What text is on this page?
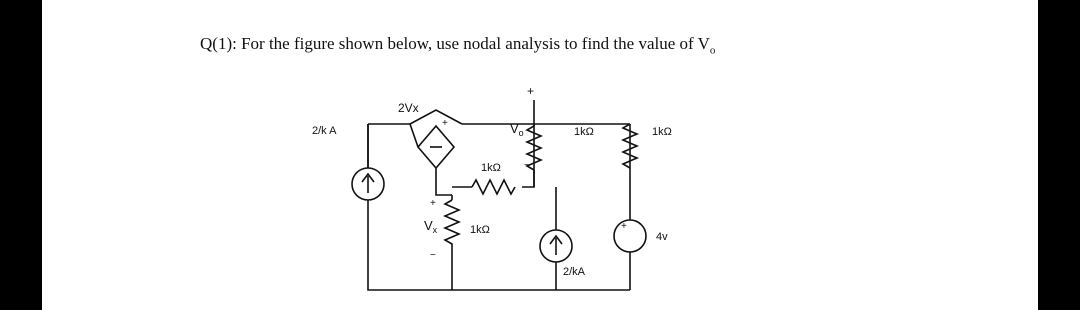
Q(1): For the figure shown below, use nodal analysis to find the value of $V_o$
2/k A
2Vx
+
1kΩ
+
$V_x$
−
1kΩ
+
$V_o$
−
1kΩ	1kΩ
2/kA
+
4v
